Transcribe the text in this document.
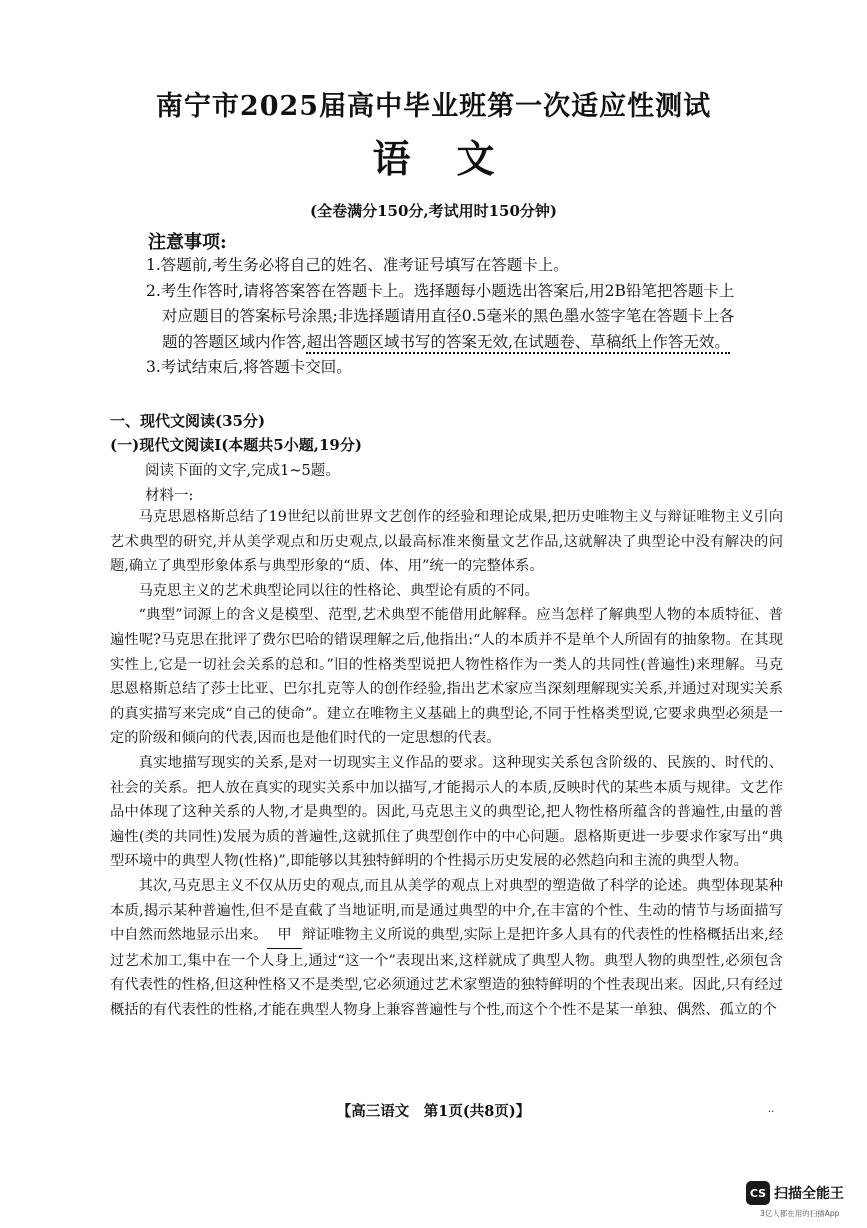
南宁市2025届高中毕业班第一次适应性测试
语文
(全卷满分150分,考试用时150分钟)
注意事项:
1.答题前,考生务必将自己的姓名、准考证号填写在答题卡上。
2.考生作答时,请将答案答在答题卡上。选择题每小题选出答案后,用2B铅笔把答题卡上
对应题目的答案标号涂黑;非选择题请用直径0.5毫米的黑色墨水签字笔在答题卡上各
题的答题区域内作答,超出答题区域书写的答案无效,在试题卷、草稿纸上作答无效。
3.考试结束后,将答题卡交回。
一、现代文阅读(35分)
(一)现代文阅读Ⅰ(本题共5小题,19分)
阅读下面的文字,完成1~5题。
材料一:

马克思恩格斯总结了19世纪以前世界文艺创作的经验和理论成果,把历史唯物主义与辩证唯物主义引向艺术典型的研究,并从美学观点和历史观点,以最高标准来衡量文艺作品,这就解决了典型论中没有解决的问题,确立了典型形象体系与典型形象的“质、体、用”统一的完整体系。

马克思主义的艺术典型论同以往的性格论、典型论有质的不同。

“典型”词源上的含义是模型、范型,艺术典型不能借用此解释。应当怎样了解典型人物的本质特征、普遍性呢?马克思在批评了费尔巴哈的错误理解之后,他指出:“人的本质并不是单个人所固有的抽象物。在其现实性上,它是一切社会关系的总和。”旧的性格类型说把人物性格作为一类人的共同性(普遍性)来理解。马克思恩格斯总结了莎士比亚、巴尔扎克等人的创作经验,指出艺术家应当深刻理解现实关系,并通过对现实关系的真实描写来完成“自己的使命”。建立在唯物主义基础上的典型论,不同于性格类型说,它要求典型必须是一定的阶级和倾向的代表,因而也是他们时代的一定思想的代表。

真实地描写现实的关系,是对一切现实主义作品的要求。这种现实关系包含阶级的、民族的、时代的、社会的关系。把人放在真实的现实关系中加以描写,才能揭示人的本质,反映时代的某些本质与规律。文艺作品中体现了这种关系的人物,才是典型的。因此,马克思主义的典型论,把人物性格所蕴含的普遍性,由量的普遍性(类的共同性)发展为质的普遍性,这就抓住了典型创作中的中心问题。恩格斯更进一步要求作家写出“典型环境中的典型人物(性格)”,即能够以其独特鲜明的个性揭示历史发展的必然趋向和主流的典型人物。

其次,马克思主义不仅从历史的观点,而且从美学的观点上对典型的塑造做了科学的论述。典型体现某种本质,揭示某种普遍性,但不是直截了当地证明,而是通过典型的中介,在丰富的个性、生动的情节与场面描写中自然而然地显示出来。 甲 辩证唯物主义所说的典型,实际上是把许多人具有的代表性的性格概括出来,经过艺术加工,集中在一个人身上,通过“这一个”表现出来,这样就成了典型人物。典型人物的典型性,必须包含有代表性的性格,但这种性格又不是类型,它必须通过艺术家塑造的独特鲜明的个性表现出来。因此,只有经过概括的有代表性的性格,才能在典型人物身上兼容普遍性与个性,而这个个性不是某一单独、偶然、孤立的个

【高三语文　第1页(共8页)】	..
CS 扫描全能王
3亿人都在用的扫描App
